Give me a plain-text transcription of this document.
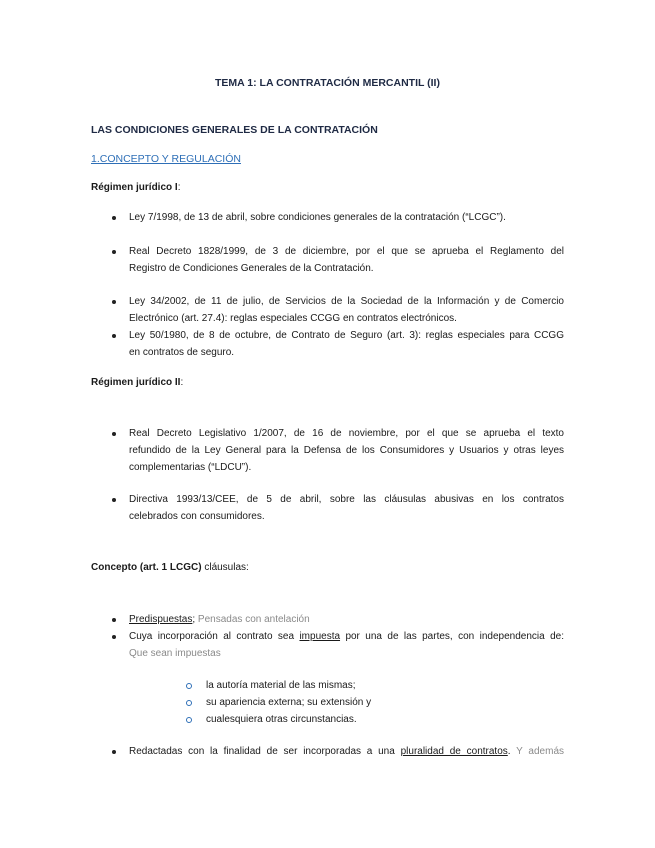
TEMA 1: LA CONTRATACIÓN MERCANTIL (II)
LAS CONDICIONES GENERALES DE LA CONTRATACIÓN
1.CONCEPTO Y REGULACIÓN
Régimen jurídico I:
Ley 7/1998, de 13 de abril, sobre condiciones generales de la contratación (“LCGC”).
Real Decreto 1828/1999, de 3 de diciembre, por el que se aprueba el Reglamento del
Registro de Condiciones Generales de la Contratación.
Ley 34/2002, de 11 de julio, de Servicios de la Sociedad de la Información y de Comercio
Electrónico (art. 27.4): reglas especiales CCGG en contratos electrónicos.
Ley 50/1980, de 8 de octubre, de Contrato de Seguro (art. 3): reglas especiales para CCGG
en contratos de seguro.
Régimen jurídico II:
Real Decreto Legislativo 1/2007, de 16 de noviembre, por el que se aprueba el texto
refundido de la Ley General para la Defensa de los Consumidores y Usuarios y otras leyes
complementarias (“LDCU”).
Directiva 1993/13/CEE, de 5 de abril, sobre las cláusulas abusivas en los contratos
celebrados con consumidores.
Concepto (art. 1 LCGC) cláusulas:
Predispuestas; Pensadas con antelación
Cuya incorporación al contrato sea impuesta por una de las partes, con independencia de:
Que sean impuestas
la autoría material de las mismas;
su apariencia externa; su extensión y
cualesquiera otras circunstancias.
Redactadas con la finalidad de ser incorporadas a una pluralidad de contratos. Y además
